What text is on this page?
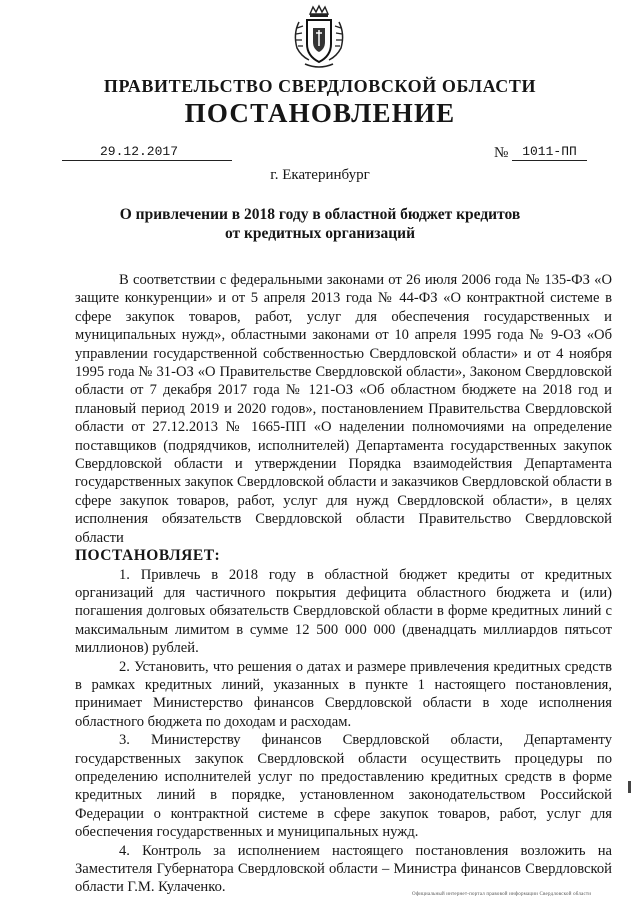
ПРАВИТЕЛЬСТВО СВЕРДЛОВСКОЙ ОБЛАСТИ
ПОСТАНОВЛЕНИЕ
29.12.2017	№	1011-ПП
г. Екатеринбург
О привлечении в 2018 году в областной бюджет кредитов
от кредитных организаций

В соответствии с федеральными законами от 26 июля 2006 года № 135-ФЗ «О защите конкуренции» и от 5 апреля 2013 года № 44-ФЗ «О контрактной системе в сфере закупок товаров, работ, услуг для обеспечения государственных и муниципальных нужд», областными законами от 10 апреля 1995 года № 9-ОЗ «Об управлении государственной собственностью Свердловской области» и от 4 ноября 1995 года № 31-ОЗ «О Правительстве Свердловской области», Законом Свердловской области от 7 декабря 2017 года № 121-ОЗ «Об областном бюджете на 2018 год и плановый период 2019 и 2020 годов», постановлением Правительства Свердловской области от 27.12.2013 № 1665-ПП «О наделении полномочиями на определение поставщиков (подрядчиков, исполнителей) Департамента государственных закупок Свердловской области и утверждении Порядка взаимодействия Департамента государственных закупок Свердловской области и заказчиков Свердловской области в сфере закупок товаров, работ, услуг для нужд Свердловской области», в целях исполнения обязательств Свердловской области Правительство Свердловской области

ПОСТАНОВЛЯЕТ:

1. Привлечь в 2018 году в областной бюджет кредиты от кредитных организаций для частичного покрытия дефицита областного бюджета и (или) погашения долговых обязательств Свердловской области в форме кредитных линий с максимальным лимитом в сумме 12 500 000 000 (двенадцать миллиардов пятьсот миллионов) рублей.

2. Установить, что решения о датах и размере привлечения кредитных средств в рамках кредитных линий, указанных в пункте 1 настоящего постановления, принимает Министерство финансов Свердловской области в ходе исполнения областного бюджета по доходам и расходам.

3. Министерству финансов Свердловской области, Департаменту государственных закупок Свердловской области осуществить процедуры по определению исполнителей услуг по предоставлению кредитных средств в форме кредитных линий в порядке, установленном законодательством Российской Федерации о контрактной системе в сфере закупок товаров, работ, услуг для обеспечения государственных и муниципальных нужд.

4. Контроль за исполнением настоящего постановления возложить на Заместителя Губернатора Свердловской области – Министра финансов Свердловской области Г.М. Кулаченко.	Официальный интернет-портал правовой информации Свердловской области
